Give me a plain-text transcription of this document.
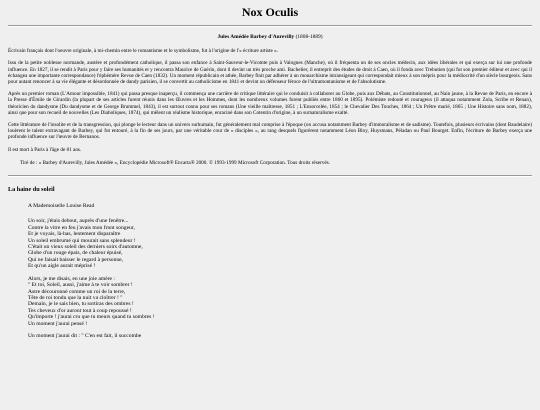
Nox Oculis
Jules Amédée Barbey d'Aurevilly (1808-1889)

Écrivain français dont l'oeuvre originale, à mi-chemin entre le romantisme et le symbolisme, fut à l'origine de l'« écriture artiste ».

Issu de la petite noblesse normande, austère et profondément catholique, il passa son enfance à Saint-Sauveur-le-Vicomte puis à Valognes (Manche), où il fréquenta un de ses oncles médecin, aux idées libérales et qui exerça sur lui une profonde influence. En 1827, il se rendit à Paris pour y faire ses humanités et y rencontra Maurice de Guérin, dont il devint un très proche ami. Bachelier, il entreprit des études de droit à Caen, où il fonda avec Trebutien (qui fut son premier éditeur et avec qui il échangea une importante correspondance) l'éphémère Revue de Caen (1832). Un moment républicain et athée, Barbey finit par adhérer à un monarchisme intransigeant qui correspondait mieux à son mépris pour la médiocrité d'un siècle bourgeois. Sans pour autant renoncer à sa vie élégante et désordonnée de dandy parisien, il se convertit au catholicisme en 1841 et devint un défenseur féroce de l'ultramontanisme et de l'absolutisme.

Après un premier roman (L'Amour impossible, 1841) qui passa presque inaperçu, il commença une carrière de critique littéraire qui le conduisit à collaborer au Globe, puis aux Débats, au Constitutionnel, au Nain jaune, à la Revue de Paris, en encore à la Presse d'Émile de Girardin (la plupart de ses articles furent réunis dans les Œuvres et les Hommes, dont les nombreux volumes furent publiés entre 1860 et 1895). Polémiste redouté et courageux (il attaqua notamment Zola, Scribe et Renan), théoricien du dandysme (Du dandysme et de George Brummel, 1843), il est surtout connu pour ses romans (Une vieille maîtresse, 1851 ; L'Ensorcelée, 1854 ; le Chevalier Des Touches, 1864 ; Un Prêtre marié, 1865 ; Une Histoire sans nom, 1882), ainsi que pour son recueil de nouvelles (Les Diaboliques, 1874), qui mêlent un réalisme historique, enraciné dans son Cotentin d'origine, à un surnaturalisme exalté.

Cette littérature de l'insolite et de la transgression, qui plonge le lecteur dans un univers surhumain, fut généralement mal comprise à l'époque (on accusa notamment Barbey d'immoralisme et de sadisme). Toutefois, plusieurs écrivains (dont Baudelaire) louèrent le talent extravagant de Barbey, qui fut entouré, à la fin de ses jours, par une véritable cour de « disciples », au rang desquels figurèrent notamment Léon Bloy, Huysmans, Péladan ou Paul Bourget. Enfin, l'écriture de Barbey exerça une profonde influence sur l'œuvre de Bernanos.

Il est mort à Paris à l'âge de 81 ans.

Tiré de : « Barbey d'Aurevilly, Jules Amédée », Encyclopédie Microsoft® Encarta® 2000. © 1993-1999 Microsoft Corporation. Tous droits réservés.
La haine du soleil
A Mademoiselle Louise Read
Un soir, j'étais debout, auprès d'une fenêtre...
Contre la vitre en feu j'avais mon front songeur,
Et je voyais, là-bas, lentement disparaître
Un soleil embrumé qui mourait sans splendeur !
C'était un vieux soleil des derniers soirs d'automne,
Globe d'un rouge épais, de chaleur épuisé,
Qui ne faisait baisser le regard à personne,
Et qu'un aigle aurait méprisé !
Alors, je me disais, en une joie amère :
" Et toi, Soleil, aussi, j'aime à te voir sombrer !
Astre découronné comme un roi de la terre,
Tête de roi tondu que la nuit va cloîtrer ! "
Demain, je le sais bien, tu sortiras des ombres !
Tes cheveux d'or auront tout à coup repoussé !
Qu'importe ! j'aurai cru que tu meurs quand tu sombres !
Un moment j'aurai pensé !
Un moment j'aurai dit : " C'en est fait, il succombe
